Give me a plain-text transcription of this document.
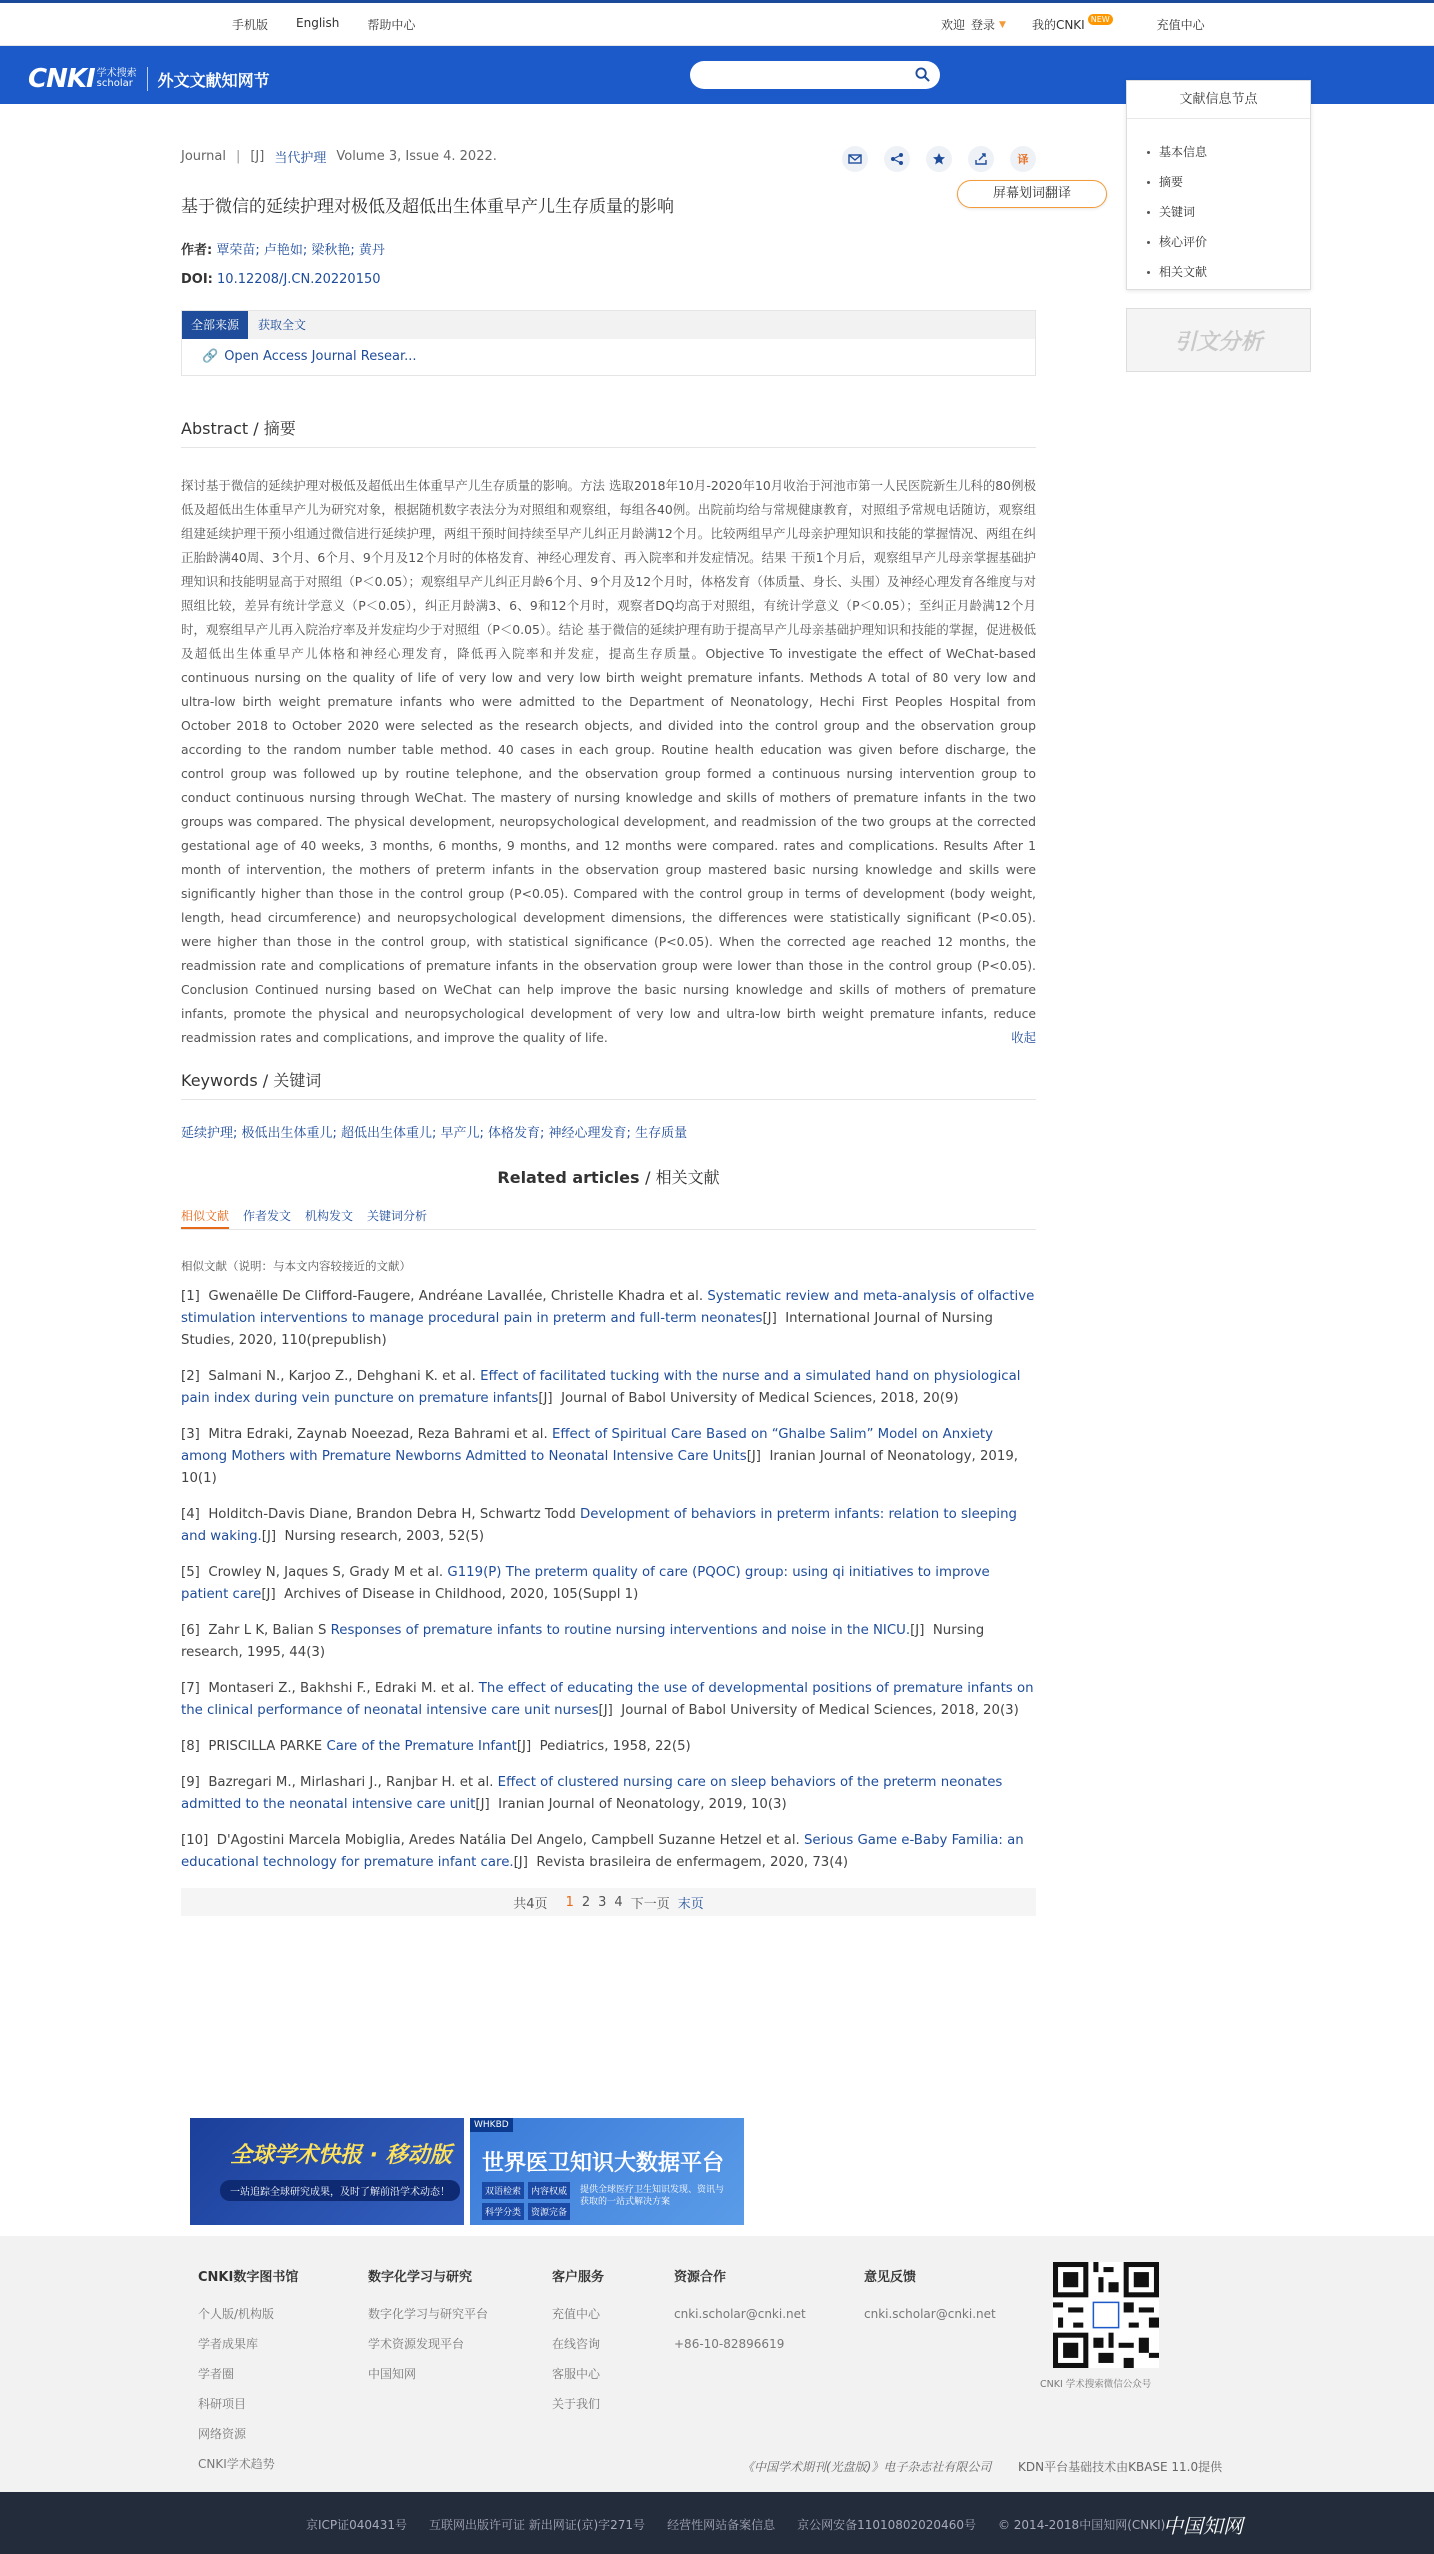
手机版 English 帮助中心	欢迎 登录 ▼ 我的CNKI NEW	充值中心
CNKI 学术搜索
scholar 外文文献知网节
文献信息节点
基本信息
摘要
关键词
核心评价
相关文献
引文分析
Journal | [J] 当代护理 Volume 3, Issue 4. 2022.	译
屏幕划词翻译
基于微信的延续护理对极低及超低出生体重早产儿生存质量的影响
作者: 覃荣苗; 卢艳如; 梁秋艳; 黄丹
DOI: 10.12208/J.CN.20220150
全部来源	获取全文
🔗 Open Access Journal Resear...
Abstract / 摘要
探讨基于微信的延续护理对极低及超低出生体重早产儿生存质量的影响。方法 选取2018年10月-2020年10月收治于河池市第一人民医院新生儿科的80例极低及超低出生体重早产儿为研究对象，根据随机数字表法分为对照组和观察组，每组各40例。出院前均给与常规健康教育，对照组予常规电话随访，观察组组建延续护理干预小组通过微信进行延续护理，两组干预时间持续至早产儿纠正月龄满12个月。比较两组早产儿母亲护理知识和技能的掌握情况、两组在纠正胎龄满40周、3个月、6个月、9个月及12个月时的体格发育、神经心理发育、再入院率和并发症情况。结果 干预1个月后，观察组早产儿母亲掌握基础护理知识和技能明显高于对照组（P＜0.05）；观察组早产儿纠正月龄6个月、9个月及12个月时，体格发育（体质量、身长、头围）及神经心理发育各维度与对照组比较，差异有统计学意义（P＜0.05），纠正月龄满3、6、9和12个月时，观察者DQ均高于对照组，有统计学意义（P＜0.05）；至纠正月龄满12个月时，观察组早产儿再入院治疗率及并发症均少于对照组（P＜0.05）。结论 基于微信的延续护理有助于提高早产儿母亲基础护理知识和技能的掌握，促进极低及超低出生体重早产儿体格和神经心理发育，降低再入院率和并发症，提高生存质量。Objective To investigate the effect of WeChat-based continuous nursing on the quality of life of very low and very low birth weight premature infants. Methods A total of 80 very low and ultra-low birth weight premature infants who were admitted to the Department of Neonatology, Hechi First Peoples Hospital from October 2018 to October 2020 were selected as the research objects, and divided into the control group and the observation group according to the random number table method. 40 cases in each group. Routine health education was given before discharge, the control group was followed up by routine telephone, and the observation group formed a continuous nursing intervention group to conduct continuous nursing through WeChat. The mastery of nursing knowledge and skills of mothers of premature infants in the two groups was compared. The physical development, neuropsychological development, and readmission of the two groups at the corrected gestational age of 40 weeks, 3 months, 6 months, 9 months, and 12 months were compared. rates and complications. Results After 1 month of intervention, the mothers of preterm infants in the observation group mastered basic nursing knowledge and skills were significantly higher than those in the control group (P<0.05). Compared with the control group in terms of development (body weight, length, head circumference) and neuropsychological development dimensions, the differences were statistically significant (P<0.05). were higher than those in the control group, with statistical significance (P<0.05). When the corrected age reached 12 months, the readmission rate and complications of premature infants in the observation group were lower than those in the control group (P<0.05). Conclusion Continued nursing based on WeChat can help improve the basic nursing knowledge and skills of mothers of premature infants, promote the physical and neuropsychological development of very low and ultra-low birth weight premature infants, reduce readmission rates and complications, and improve the quality of life.	收起
Keywords / 关键词
延续护理; 极低出生体重儿; 超低出生体重儿; 早产儿; 体格发育; 神经心理发育; 生存质量
Related articles / 相关文献
相似文献 作者发文 机构发文 关键词分析
相似文献（说明：与本文内容较接近的文献）
[1] Gwenaëlle De Clifford-Faugere, Andréane Lavallée, Christelle Khadra et al. Systematic review and meta-analysis of olfactive stimulation interventions to manage procedural pain in preterm and full-term neonates[J] International Journal of Nursing Studies, 2020, 110(prepublish)
[2] Salmani N., Karjoo Z., Dehghani K. et al. Effect of facilitated tucking with the nurse and a simulated hand on physiological pain index during vein puncture on premature infants[J] Journal of Babol University of Medical Sciences, 2018, 20(9)
[3] Mitra Edraki, Zaynab Noeezad, Reza Bahrami et al. Effect of Spiritual Care Based on “Ghalbe Salim” Model on Anxiety among Mothers with Premature Newborns Admitted to Neonatal Intensive Care Units[J] Iranian Journal of Neonatology, 2019, 10(1)
[4] Holditch-Davis Diane, Brandon Debra H, Schwartz Todd Development of behaviors in preterm infants: relation to sleeping and waking.[J] Nursing research, 2003, 52(5)
[5] Crowley N, Jaques S, Grady M et al. G119(P) The preterm quality of care (PQOC) group: using qi initiatives to improve patient care[J] Archives of Disease in Childhood, 2020, 105(Suppl 1)
[6] Zahr L K, Balian S Responses of premature infants to routine nursing interventions and noise in the NICU.[J] Nursing research, 1995, 44(3)
[7] Montaseri Z., Bakhshi F., Edraki M. et al. The effect of educating the use of developmental positions of premature infants on the clinical performance of neonatal intensive care unit nurses[J] Journal of Babol University of Medical Sciences, 2018, 20(3)
[8] PRISCILLA PARKE Care of the Premature Infant[J] Pediatrics, 1958, 22(5)
[9] Bazregari M., Mirlashari J., Ranjbar H. et al. Effect of clustered nursing care on sleep behaviors of the preterm neonates admitted to the neonatal intensive care unit[J] Iranian Journal of Neonatology, 2019, 10(3)
[10] D'Agostini Marcela Mobiglia, Aredes Natália Del Angelo, Campbell Suzanne Hetzel et al. Serious Game e-Baby Familia: an educational technology for premature infant care.[J] Revista brasileira de enfermagem, 2020, 73(4)
共4页 1 2 3 4 下一页 末页
全球学术快报 · 移动版
一站追踪全球研究成果，及时了解前沿学术动态！
WHKBD
世界医卫知识大数据平台
双语检索	内容权威
科学分类	资源完备
提供全球医疗卫生知识发现、资讯与获取的一站式解决方案
CNKI数字图书馆
个人版/机构版
学者成果库
学者圈
科研项目
网络资源
CNKI学术趋势
数字化学习与研究
数字化学习与研究平台
学术资源发现平台
中国知网
客户服务
充值中心
在线咨询
客服中心
关于我们
资源合作
cnki.scholar@cnki.net
+86-10-82896619
意见反馈
cnki.scholar@cnki.net
CNKI 学术搜索微信公众号
《中国学术期刊(光盘版)》电子杂志社有限公司 KDN平台基础技术由KBASE 11.0提供
京ICP证040431号 互联网出版许可证 新出网证(京)字271号 经营性网站备案信息 京公网安备11010802020460号 © 2014-2018中国知网(CNKI)
中国知网
